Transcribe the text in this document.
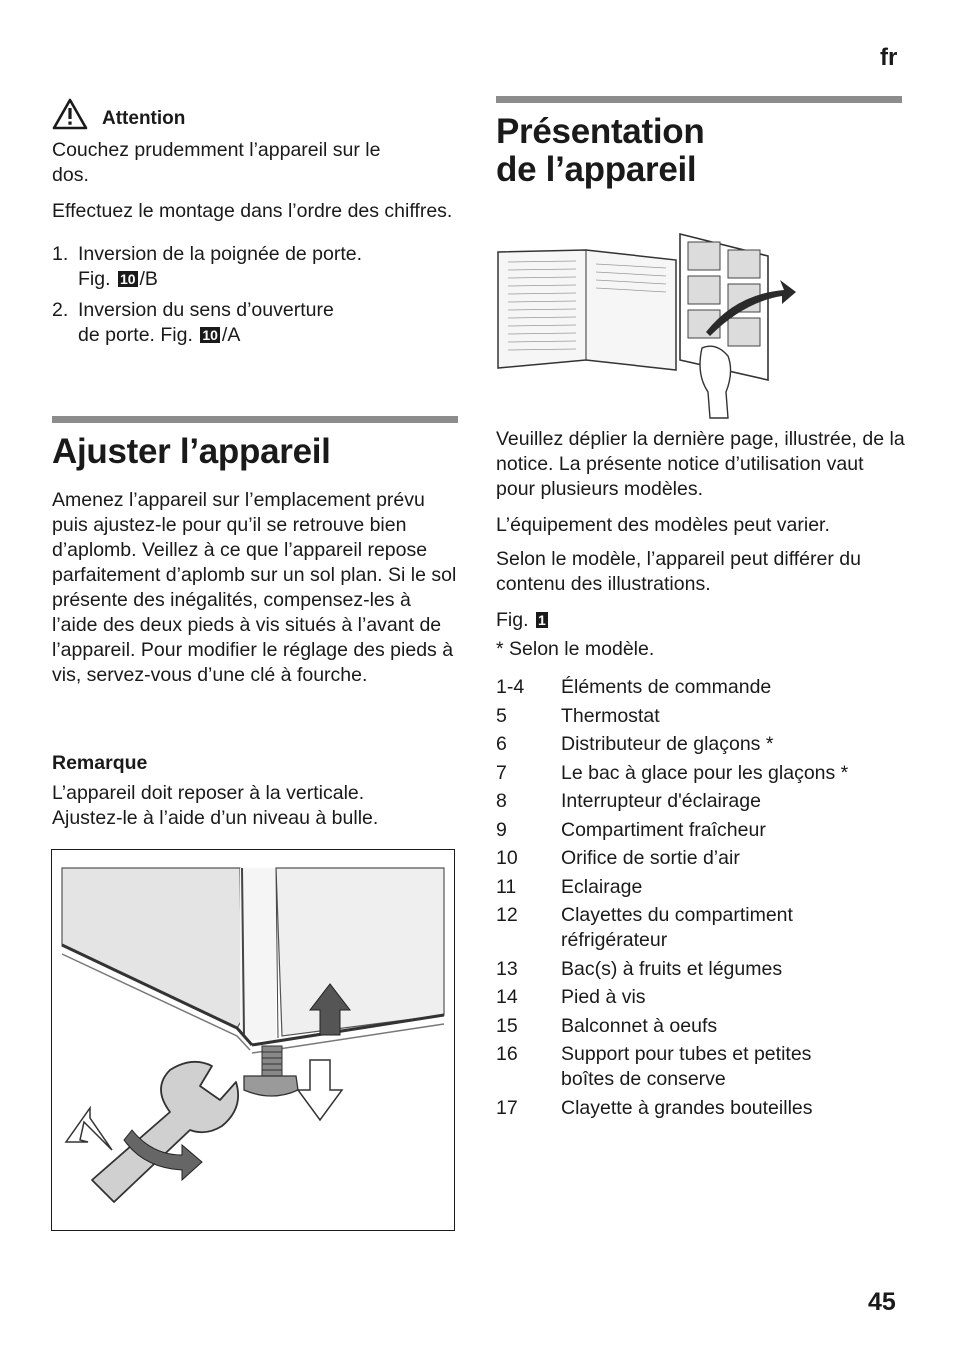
fr
Attention

Couchez prudemment l’appareil sur le dos.

Effectuez le montage dans l’ordre des chiffres.

1. Inversion de la poignée de porte.
Fig. 10 /B
2. Inversion du sens d’ouverture
de porte. Fig. 10 /A
Ajuster l’appareil

Amenez l’appareil sur l’emplacement prévu puis ajustez-le pour qu’il se retrouve bien d’aplomb. Veillez à ce que l’appareil repose parfaitement d’aplomb sur un sol plan. Si le sol présente des inégalités, compensez-les à l’aide des deux pieds à vis situés à l’avant de l’appareil. Pour modifier le réglage des pieds à vis, servez-vous d’une clé à fourche.

Remarque

L’appareil doit reposer à la verticale. Ajustez-le à l’aide d’un niveau à bulle.

Présentation
de l’appareil

Veuillez déplier la dernière page, illustrée, de la notice. La présente notice d’utilisation vaut pour plusieurs modèles.

L’équipement des modèles peut varier.

Selon le modèle, l’appareil peut différer du contenu des illustrations.

Fig. 1

* Selon le modèle.

1-4	Éléments de commande
5	Thermostat
6	Distributeur de glaçons *
7	Le bac à glace pour les glaçons *
8	Interrupteur d'éclairage
9	Compartiment fraîcheur
10	Orifice de sortie d’air
11	Eclairage
12	Clayettes du compartiment réfrigérateur
13	Bac(s) à fruits et légumes
14	Pied à vis
15	Balconnet à oeufs
16	Support pour tubes et petites boîtes de conserve
17	Clayette à grandes bouteilles
45
